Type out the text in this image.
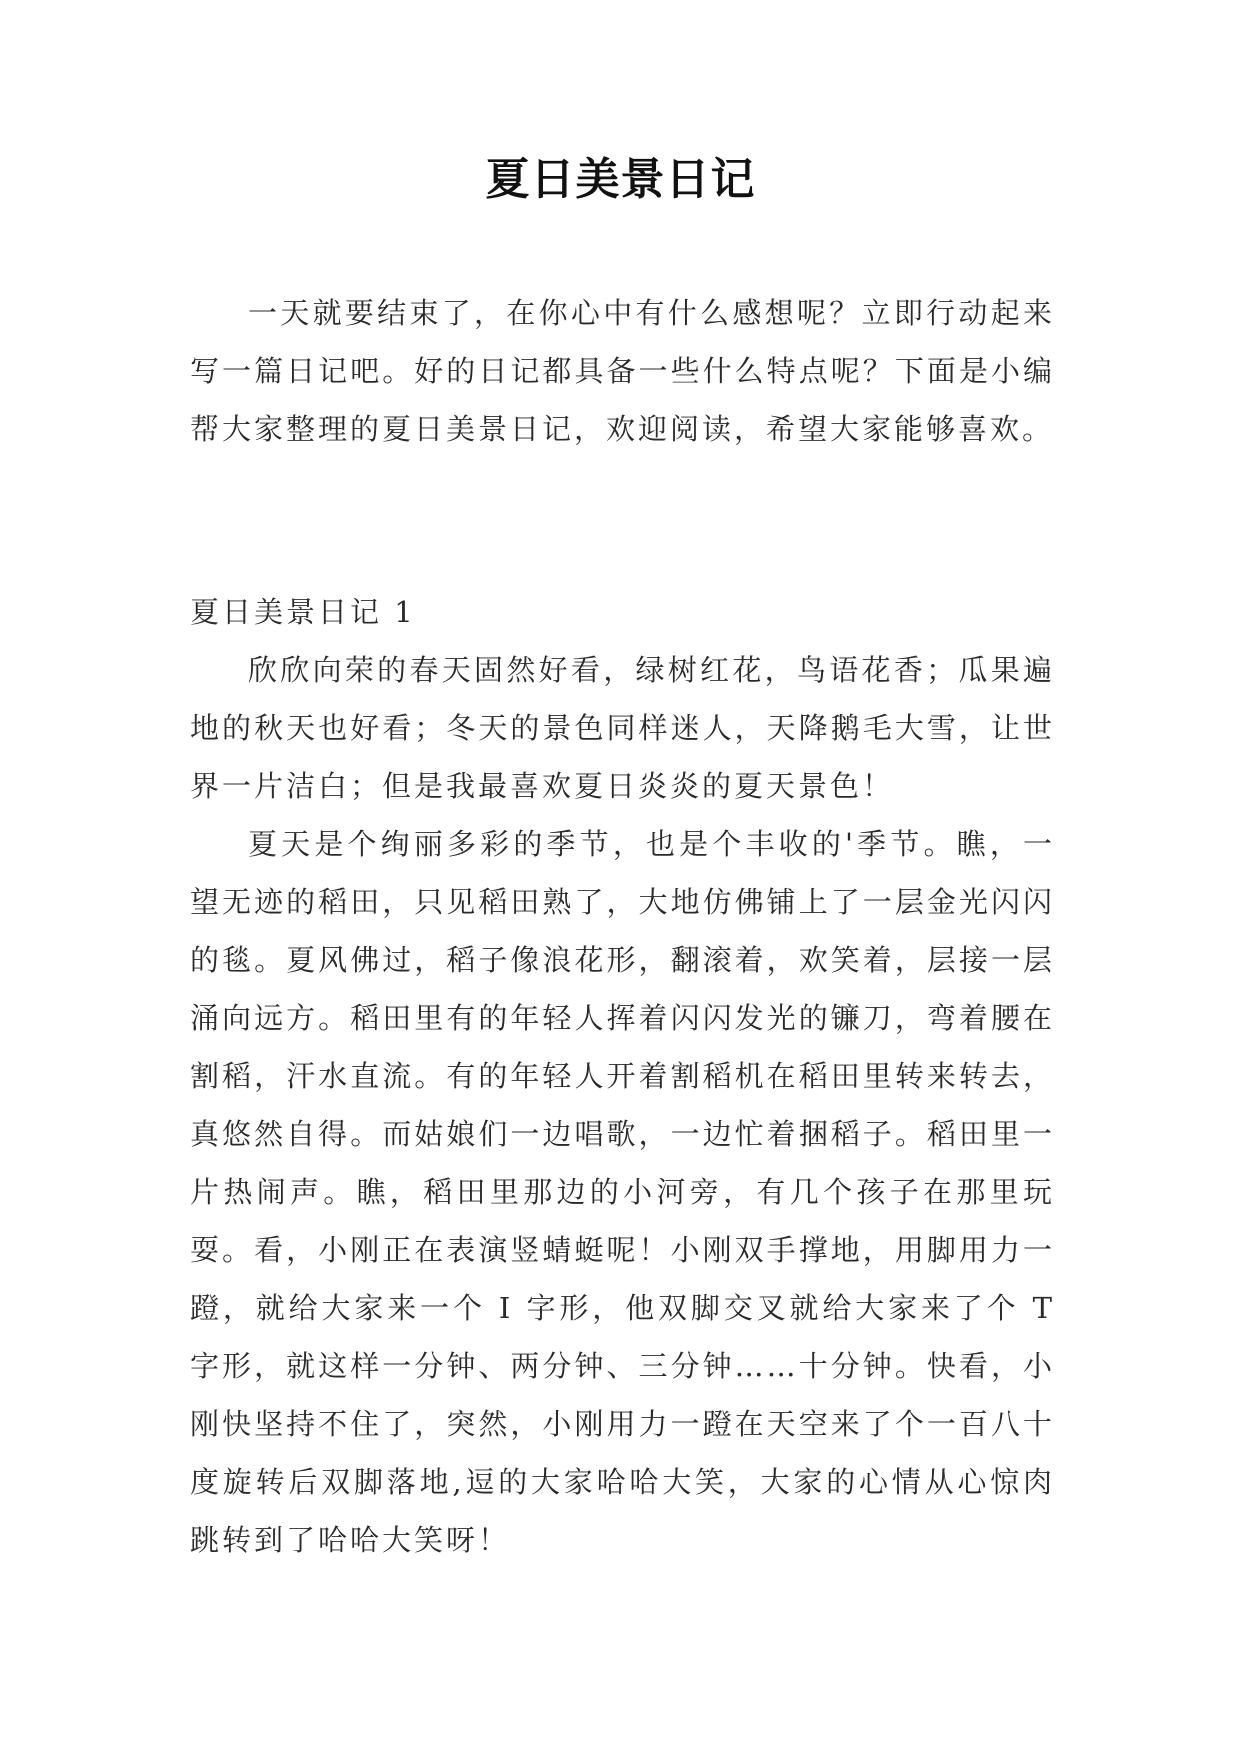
夏日美景日记

一天就要结束了，在你心中有什么感想呢？立即行动起来写一篇日记吧。好的日记都具备一些什么特点呢？下面是小编帮大家整理的夏日美景日记，欢迎阅读，希望大家能够喜欢。

夏日美景日记 1

欣欣向荣的春天固然好看，绿树红花，鸟语花香；瓜果遍地的秋天也好看；冬天的景色同样迷人，天降鹅毛大雪，让世界一片洁白；但是我最喜欢夏日炎炎的夏天景色！

夏天是个绚丽多彩的季节，也是个丰收的'季节。瞧，一望无迹的稻田，只见稻田熟了，大地仿佛铺上了一层金光闪闪的毯。夏风佛过，稻子像浪花形，翻滚着，欢笑着，层接一层涌向远方。稻田里有的年轻人挥着闪闪发光的镰刀，弯着腰在割稻，汗水直流。有的年轻人开着割稻机在稻田里转来转去，真悠然自得。而姑娘们一边唱歌，一边忙着捆稻子。稻田里一片热闹声。瞧，稻田里那边的小河旁，有几个孩子在那里玩耍。看，小刚正在表演竖蜻蜓呢！小刚双手撑地，用脚用力一蹬，就给大家来一个 I 字形，他双脚交叉就给大家来了个 T 字形，就这样一分钟、两分钟、三分钟……十分钟。快看，小刚快坚持不住了，突然，小刚用力一蹬在天空来了个一百八十度旋转后双脚落地,逗的大家哈哈大笑，大家的心情从心惊肉跳转到了哈哈大笑呀！
